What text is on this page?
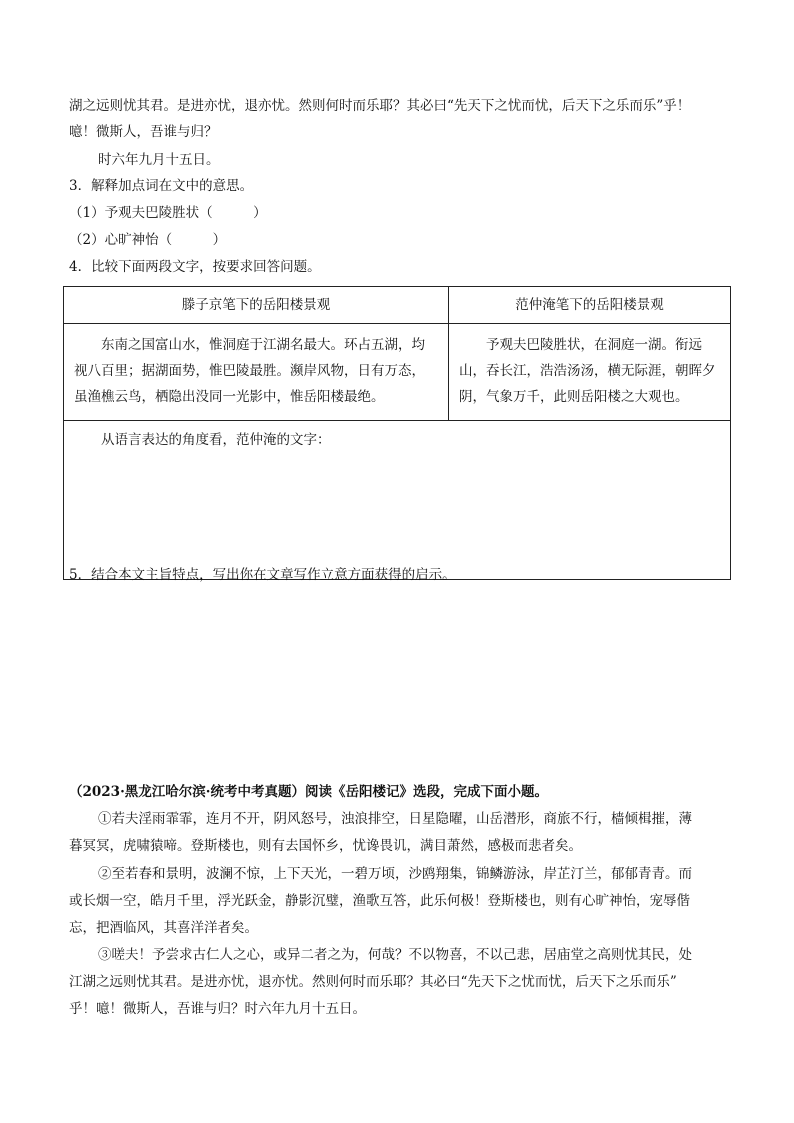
湖之远则忧其君。是进亦忧，退亦忧。然则何时而乐耶？其必曰“先天下之忧而忧，后天下之乐而乐”乎！
噫！微斯人，吾谁与归？
时六年九月十五日。
3．解释加点词在文中的意思。
（1）予观夫巴陵胜状（　　　）
（2）心旷神怡（　　　）
4．比较下面两段文字，按要求回答问题。
滕子京笔下的岳阳楼景观	范仲淹笔下的岳阳楼景观

东南之国富山水，惟洞庭于江湖名最大。环占五湖，均视八百里；据湖面势，惟巴陵最胜。濒岸风物，日有万态，虽渔樵云鸟，栖隐出没同一光影中，惟岳阳楼最绝。	予观夫巴陵胜状，在洞庭一湖。衔远山，吞长江，浩浩汤汤，横无际涯，朝晖夕阴，气象万千，此则岳阳楼之大观也。

从语言表达的角度看，范仲淹的文字：	

5．结合本文主旨特点，写出你在文章写作立意方面获得的启示。
（2023·黑龙江哈尔滨·统考中考真题）阅读《岳阳楼记》选段，完成下面小题。
①若夫淫雨霏霏，连月不开，阴风怒号，浊浪排空，日星隐曜，山岳潜形，商旅不行，樯倾楫摧，薄
暮冥冥，虎啸猿啼。登斯楼也，则有去国怀乡，忧谗畏讥，满目萧然，感极而悲者矣。
②至若春和景明，波澜不惊，上下天光，一碧万顷，沙鸥翔集，锦鳞游泳，岸芷汀兰，郁郁青青。而
或长烟一空，皓月千里，浮光跃金，静影沉璧，渔歌互答，此乐何极！登斯楼也，则有心旷神怡，宠辱偕
忘，把酒临风，其喜洋洋者矣。
③嗟夫！予尝求古仁人之心，或异二者之为，何哉？不以物喜，不以己悲，居庙堂之高则忧其民，处
江湖之远则忧其君。是进亦忧，退亦忧。然则何时而乐耶？其必曰“先天下之忧而忧，后天下之乐而乐”
乎！噫！微斯人，吾谁与归？时六年九月十五日。
